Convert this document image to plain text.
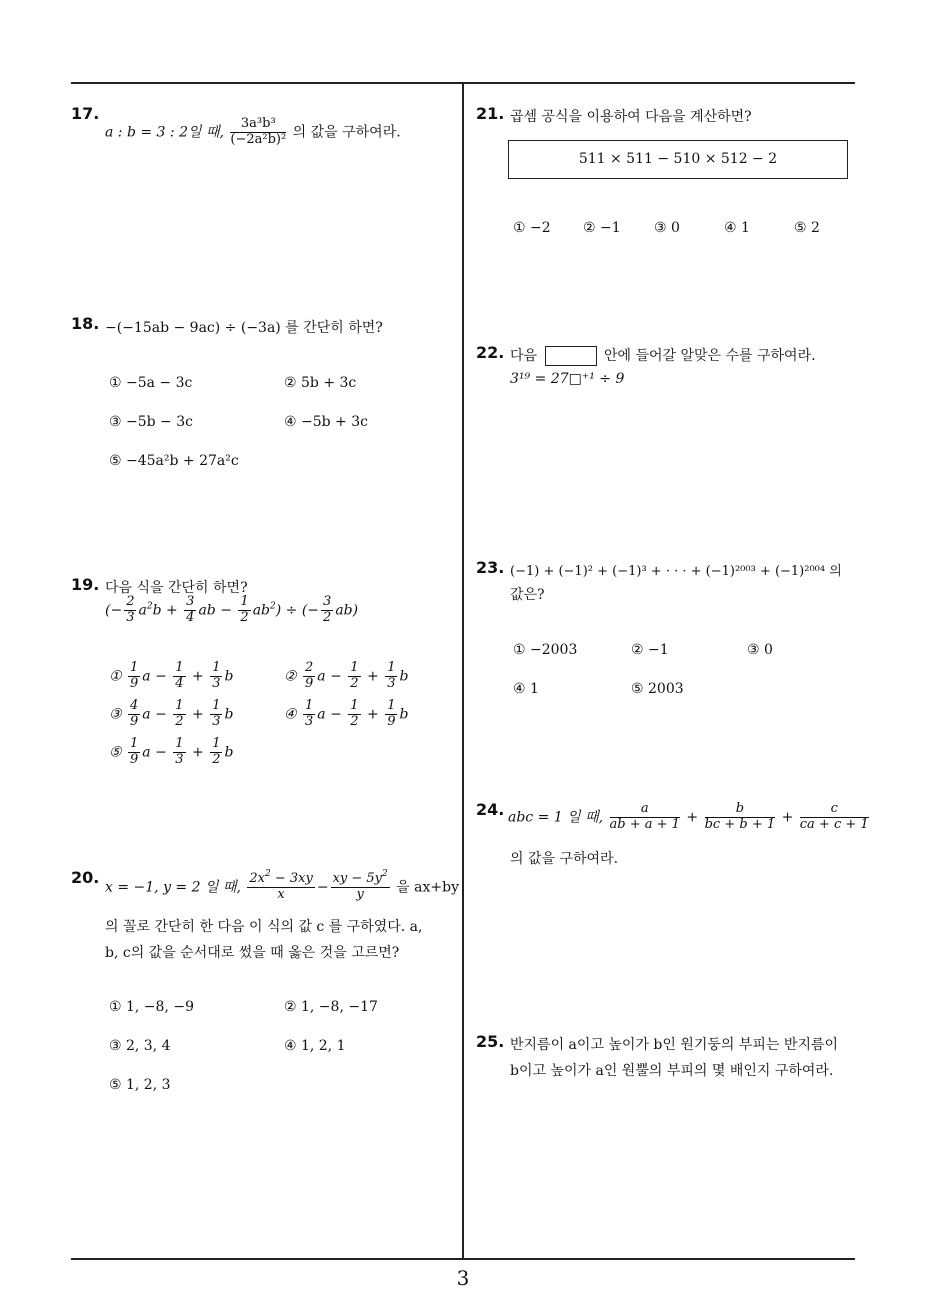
17.
a : b = 3 : 2일 때, $\frac{\text{3a³b³}}{\text{(−2a²b)²}}$ 의 값을 구하여라.
18. −(−15ab − 9ac) ÷ (−3a) 를 간단히 하면?
① −5a − 3c	② 5b + 3c
③ −5b − 3c	④ −5b + 3c
⑤ −45a²b + 27a²c
19. 다음 식을 간단히 하면?
(− $\frac{2}{3} a^2b + \frac{3}{4}$ ab − $\frac{1}{2} ab^2$) ÷ (− $\frac{3}{2} ab$)
① $\frac{1}{9}$ $a - \frac{1}{4} + \frac{1}{3}$ b	② $\frac{2}{9}$ $a - \frac{1}{2} + \frac{1}{3}$ b
③ $\frac{4}{9}$ $a - \frac{1}{2} + \frac{1}{3}$ b	④ $\frac{1}{3}$ $a - \frac{1}{2} + \frac{1}{9}$ b
⑤ $\frac{1}{9}$ $a - \frac{1}{3} + \frac{1}{2}$ b
20.
x = −1, y = 2 일 때, $\frac{2x^2 - 3xy}{x} - \frac{xy - 5y^2}{y}$ 을 ax+by
의 꼴로 간단히 한 다음 이 식의 값 c 를 구하였다. a,
b, c의 값을 순서대로 썼을 때 옳은 것을 고르면?
① 1, −8, −9	② 1, −8, −17
③ 2, 3, 4	④ 1, 2, 1
⑤ 1, 2, 3
21. 곱셈 공식을 이용하여 다음을 계산하면?
511 × 511 − 510 × 512 − 2
① −2 ② −1 ③ 0	④ 1	⑤ 2
22. 다음	안에 들어갈 알맞은 수를 구하여라.
3¹⁹ = 27□⁺¹ ÷ 9
23. (−1) + (−1)² + (−1)³ + · · · + (−1)²⁰⁰³ + (−1)²⁰⁰⁴ 의
값은?
① −2003	② −1	③ 0
④ 1	⑤ 2003
24. abc = 1 일 때, $\frac{a}{ab + a + 1} + \frac{b}{bc + b + 1} + \frac{c}{ca + c + 1}$
의 값을 구하여라.
25. 반지름이 a이고 높이가 b인 원기둥의 부피는 반지름이
b이고 높이가 a인 원뿔의 부피의 몇 배인지 구하여라.
3
